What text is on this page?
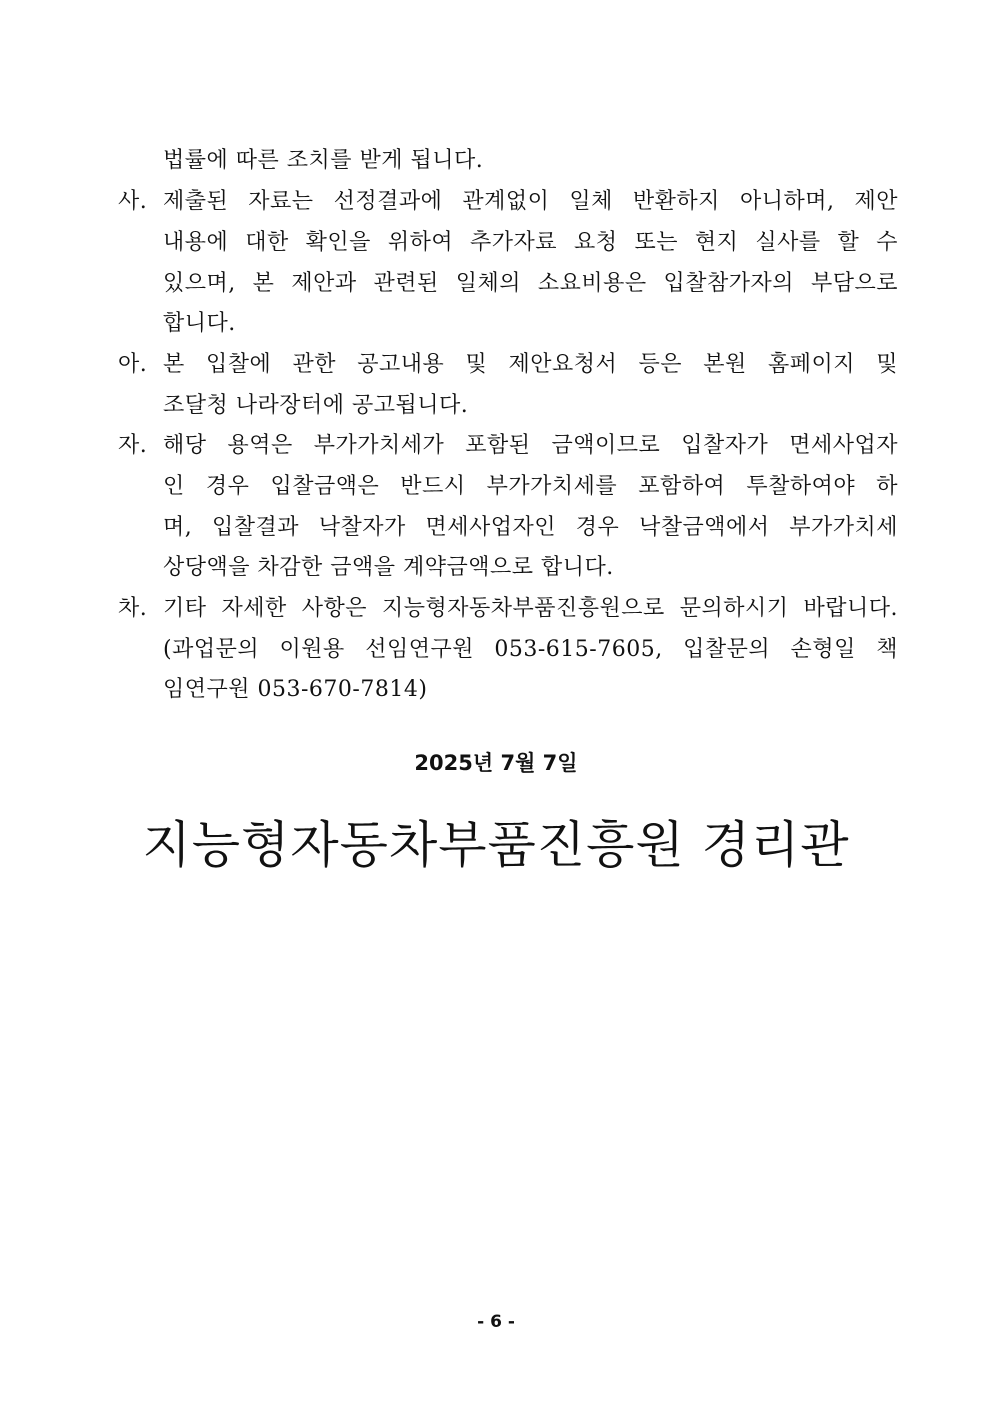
법률에 따른 조치를 받게 됩니다.
사. 제출된 자료는 선정결과에 관계없이 일체 반환하지 아니하며, 제안
내용에 대한 확인을 위하여 추가자료 요청 또는 현지 실사를 할 수
있으며, 본 제안과 관련된 일체의 소요비용은 입찰참가자의 부담으로
합니다.
아. 본 입찰에 관한 공고내용 및 제안요청서 등은 본원 홈페이지 및
조달청 나라장터에 공고됩니다.
자. 해당 용역은 부가가치세가 포함된 금액이므로 입찰자가 면세사업자
인 경우 입찰금액은 반드시 부가가치세를 포함하여 투찰하여야 하
며, 입찰결과 낙찰자가 면세사업자인 경우 낙찰금액에서 부가가치세
상당액을 차감한 금액을 계약금액으로 합니다.
차. 기타 자세한 사항은 지능형자동차부품진흥원으로 문의하시기 바랍니다.
(과업문의 이원용 선임연구원 053-615-7605, 입찰문의 손형일 책
임연구원 053-670-7814)
2025년 7월 7일
지능형자동차부품진흥원 경리관
- 6 -
